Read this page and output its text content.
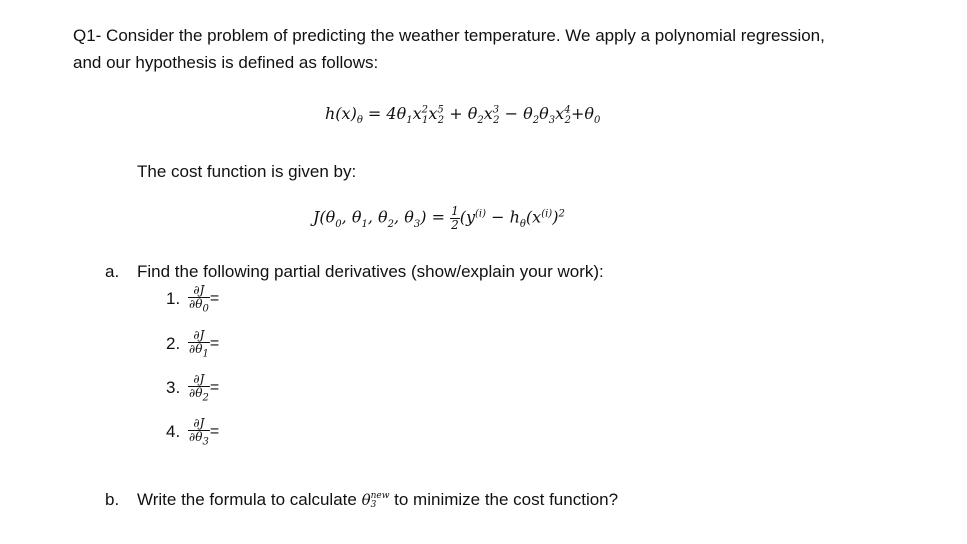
Q1- Consider the problem of predicting the weather temperature. We apply a polynomial regression,
and our hypothesis is defined as follows:
$h(x)_\theta = 4\theta_1x^2_1x^5_2 + \theta_2x^3_2 - \theta_2\theta_3x^4_2+\theta_0$
The cost function is given by:
$J(\theta_0$, $\theta_1$, $\theta_2$, $\theta_3) = \frac{1}{2} (y^{(i)} - h_\theta(x^{(i)})^2$
a. Find the following partial derivatives (show/explain your work):
1. $\frac{\partial J}{\partial\theta_0}$ =
2. $\frac{\partial J}{\partial\theta_1}$ =
3. $\frac{\partial J}{\partial\theta_2}$ =
4. $\frac{\partial J}{\partial\theta_3}$ =
b. Write the formula to calculate θ new
3 to minimize the cost function?
